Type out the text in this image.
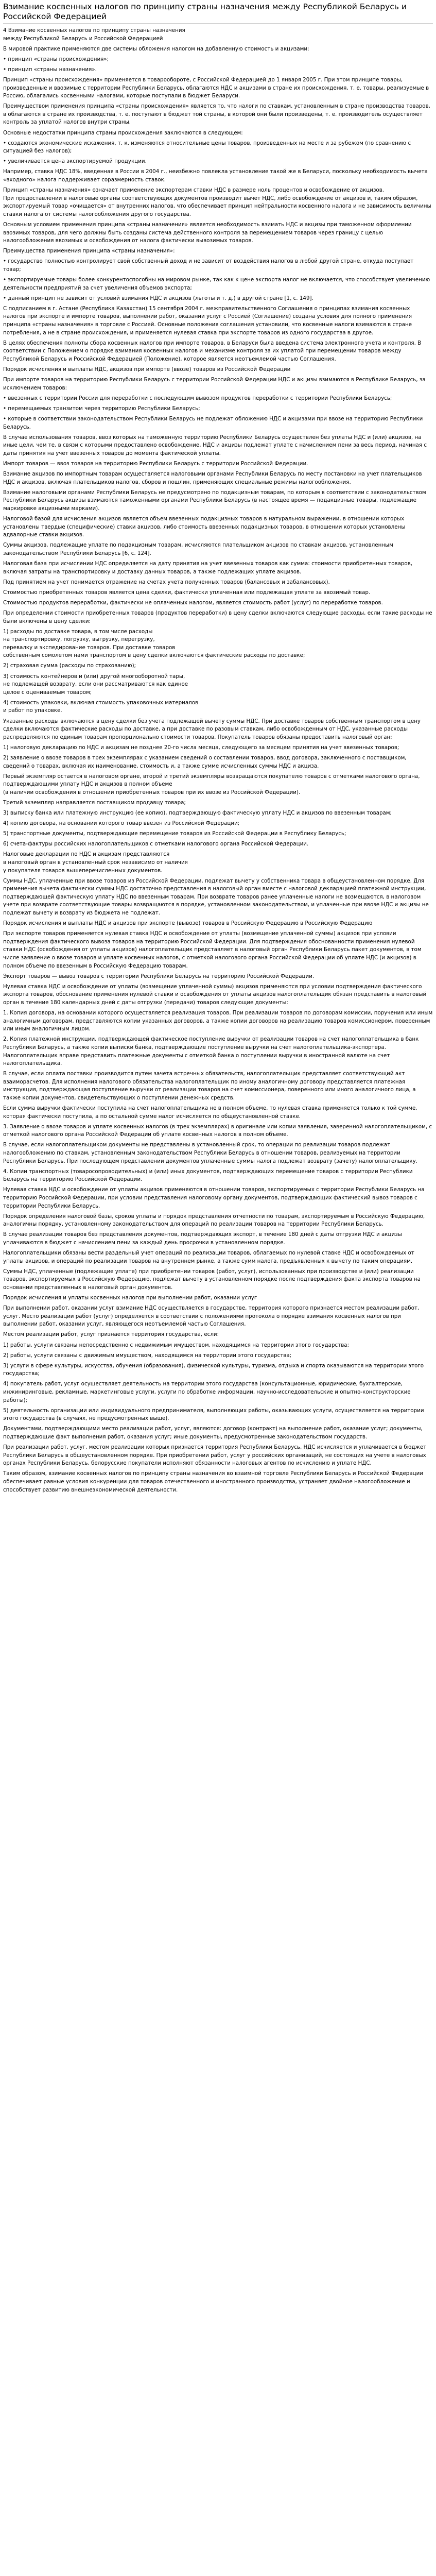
Взимание косвенных налогов по принципу страны назначения между Республикой Беларусь и Российской Федерацией

4 Взимание косвенных налогов по принципу страны назначения
между Республикой Беларусь и Российской Федерацией

В мировой практике применяются две системы обложения налогом на добавленную стоимость и акцизами:

• принцип «страны происхождения»;

• принцип «страны назначения».

Принцип «страны происхождения» применяется в товарообороте, с Российской Федерацией до 1 января 2005 г. При этом принципе товары, произведенные и ввозимые с территории Республики Беларусь, облагаются НДС и акцизами в стране их происхождения, т. е. товары, реализуемые в Россию, облагались косвенными налогами, которые поступали в бюджет Беларуси.

Преимуществом применения принципа «страны происхождения» является то, что налоги по ставкам, установленным в стране производства товаров, в облагаются в стране их производства, т. е. поступают в бюджет той страны, в которой они были произведены, т. е. производитель осуществляет контроль за уплатой налогов внутри страны.

Основные недостатки принципа страны происхождения заключаются в следующем:

• создаются экономические искажения, т. к. изменяются относительные цены товаров, произведенных на месте и за рубежом (по сравнению с ситуацией без налогов);

• увеличивается цена экспортируемой продукции.

Например, ставка НДС 18%, введенная в России в 2004 г., неизбежно повлекла установление такой же в Беларуси, поскольку необходимость вычета «входного» налога поддерживает соразмерность ставок.

Принцип «страны назначения» означает применение экспортерам ставки НДС в размере ноль процентов и освобождение от акцизов.
При предоставлении в налоговые органы соответствующих документов производит вычет НДС, либо освобождение от акцизов и, таким образом, экспортируемый товар «очищается» от внутренних налогов, что обеспечивает принцип нейтральности косвенного налога и не зависимость величины ставки налога от системы налогообложения другого государства.

Основным условием применения принципа «страны назначения» является необходимость взимать НДС и акцизы при таможенном оформлении ввозимых товаров, для чего должны быть созданы система действенного контроля за перемещением товаров через границу с целью налогообложения ввозимых и освобождения от налога фактически вывозимых товаров.

Преимущества применения принципа «страны назначения»:

• государство полностью контролирует свой собственный доход и не зависит от воздействия налогов в любой другой стране, откуда поступает товар;

• экспортируемые товары более конкурентоспособны на мировом рынке, так как к цене экспорта налог не включается, что способствует увеличению деятельности предприятий за счет увеличения объемов экспорта;

• данный принцип не зависит от условий взимания НДС и акцизов (льготы и т. д.) в другой стране [1, с. 149].

С подписанием в г. Астане (Республика Казахстан) 15 сентября 2004 г. межправительственного Соглашения о принципах взимания косвенных налогов при экспорте и импорте товаров, выполнении работ, оказании услуг с Россией (Соглашение) создана условия для полного применения принципа «страны назначения» в торговле с Россией. Основные положения соглашения установили, что косвенные налоги взимаются в стране потребления, а не в стране происхождения, и применяется нулевая ставка при экспорте товаров из одного государства в другое.

В целях обеспечения полноты сбора косвенных налогов при импорте товаров, в Беларуси была введена система электронного учета и контроля. В соответствии с Положением о порядке взимания косвенных налогов и механизме контроля за их уплатой при перемещении товаров между Республикой Беларусь и Российской Федерацией (Положение), которое является неотъемлемой частью Соглашения.

Порядок исчисления и выплаты НДС, акцизов при импорте (ввозе) товаров из Российской Федерации

При импорте товаров на территорию Республики Беларусь с территории Российской Федерации НДС и акцизы взимаются в Республике Беларусь, за исключением товаров:

• ввезенных с территории России для переработки с последующим вывозом продуктов переработки с территории Республики Беларусь;

• перемещаемых транзитом через территорию Республики Беларусь;

• которые в соответствии законодательством Республики Беларусь не подлежат обложению НДС и акцизами при ввозе на территорию Республики Беларусь.

В случае использования товаров, ввоз которых на таможенную территорию Республики Беларусь осуществлен без уплаты НДС и (или) акцизов, на иные цели, чем те, в связи с которыми предоставлено освобождение, НДС и акцизы подлежат уплате с начислением пени за весь период, начиная с даты принятия на учет ввезенных товаров до момента фактической уплаты.

Импорт товаров — ввоз товаров на территорию Республики Беларусь с территории Российской Федерации.

Взимание акцизов по импортным товарам осуществляется налоговыми органами Республики Беларусь по месту постановки на учет плательщиков НДС и акцизов, включая плательщиков налогов, сборов и пошлин, применяющих специальные режимы налогообложения.

Взимание налоговыми органами Республики Беларусь не предусмотрено по подакцизным товарам, по которым в соответствии с законодательством Республики Беларусь акцизы взимаются таможенными органами Республики Беларусь (в настоящее время — подакцизные товары, подлежащие маркировке акцизными марками).

Налоговой базой для исчисления акцизов является объем ввезенных подакцизных товаров в натуральном выражении, в отношении которых установлены твердые (специфические) ставки акцизов, либо стоимость ввезенных подакцизных товаров, в отношении которых установлены адвалорные ставки акцизов.

Суммы акцизов, подлежащие уплате по подакцизным товарам, исчисляются плательщиком акцизов по ставкам акцизов, установленным законодательством Республики Беларусь [6, с. 124].

Налоговая база при исчислении НДС определяется на дату принятия на учет ввезенных товаров как сумма: стоимости приобретенных товаров, включая затраты на транспортировку и доставку данных товаров, а также подлежащих уплате акцизов.

Под принятием на учет понимается отражение на счетах учета полученных товаров (балансовых и забалансовых).

Стоимостью приобретенных товаров является цена сделки, фактически уплаченная или подлежащая уплате за ввозимый товар.

Стоимостью продуктов переработки, фактически не оплаченных налогом, является стоимость работ (услуг) по переработке товаров.

При определении стоимости приобретенных товаров (продуктов переработки) в цену сделки включаются следующие расходы, если такие расходы не были включены в цену сделки:

1) расходы по доставке товара, в том числе расходы
на транспортировку, погрузку, выгрузку, перегрузку,
перевалку и экспедирование товаров. При доставке товаров
собственным сомолетом нами транспортом в цену сделки включаются фактические расходы по доставке;

2) страховая сумма (расходы по страхованию);

3) стоимость контейнеров и (или) другой многооборотной тары,
не подлежащей возврату, если они рассматриваются как единое
целое с оцениваемым товаром;

4) стоимость упаковки, включая стоимость упаковочных материалов
и работ по упаковке.

Указанные расходы включаются в цену сделки без учета подлежащей вычету суммы НДС. При доставке товаров собственным транспортом в цену сделки включаются фактические расходы по доставке, а при доставке по разовым ставкам, либо освобожденным от НДС, указанные расходы распределяются по единым товарам пропорционально стоимости товаров. Покупатель товаров обязаны предоставить налоговый орган:

1) налоговую декларацию по НДС и акцизам не позднее 20-го числа месяца, следующего за месяцем принятия на учет ввезенных товаров;

2) заявление о ввозе товаров в трех экземплярах с указанием сведений о составлении товаров, ввод договора, заключенного с поставщиком, сведений о товарах, включая их наименование, стоимость и, а также сумме исчисленных суммы НДС и акциза.

Первый экземпляр остается в налоговом органе, второй и третий экземпляры возвращаются покупателю товаров с отметками налогового органа, подтверждающими уплату НДС и акцизов в полном объеме
(в наличии освобождения в отношении приобретенных товаров при их ввозе из Российской Федерации).

Третий экземпляр направляется поставщиком продавцу товара;

3) выписку банка или платежную инструкцию (ее копию), подтверждающую фактическую уплату НДС и акцизов по ввезенным товарам;

4) копию договора, на основании которого товар ввезен из Российской Федерации;

5) транспортные документы, подтверждающие перемещение товаров из Российской Федерации в Республику Беларусь;

6) счета-фактуры российских налогоплательщиков с отметками налогового органа Российской Федерации.

Налоговые декларации по НДС и акцизам представляются
в налоговый орган в установленный срок независимо от наличия
у покупателя товаров вышеперечисленных документов.

Суммы НДС, уплаченные при ввозе товаров из Российской Федерации, подлежат вычету у собственника товара в общеустановленном порядке. Для применения вычета фактически суммы НДС достаточно представления в налоговый орган вместе с налоговой декларацией платежной инструкции, подтверждающей фактическую уплату НДС по ввезенным товарам. При возврате товаров ранее уплаченные налоги не возмещаются, в налоговом учете при возврате соответствующие товары возвращаются в порядке, установленном законодательством, и уплаченные при ввозе НДС и акцизы не подлежат вычету и возврату из бюджета не подлежат.

Порядок исчисления и выплаты НДС и акцизов при экспорте (вывозе) товаров в Российскую Федерацию в Российскую Федерацию

При экспорте товаров применяется нулевая ставка НДС и освобождение от уплаты (возмещение уплаченной суммы) акцизов при условии подтверждения фактического вывоза товаров на территорию Российской Федерации. Для подтверждения обоснованности применения нулевой ставки НДС (освобождения от уплаты акцизов) налогоплательщик представляет в налоговый орган Республики Беларусь пакет документов, в том числе заявление о ввозе товаров и уплате косвенных налогов, с отметкой налогового органа Российской Федерации об уплате НДС (и акцизов) в полном объеме по ввезенным в Российскую Федерацию товарам.

Экспорт товаров — вывоз товаров с территории Республики Беларусь на территорию Российской Федерации.

Нулевая ставка НДС и освобождение от уплаты (возмещение уплаченной суммы) акцизов применяются при условии подтверждения фактического экспорта товаров, обоснование применения нулевой ставки и освобождения от уплаты акцизов налогоплательщик обязан представить в налоговый орган в течение 180 календарных дней с даты отгрузки (передачи) товаров следующие документы:

1. Копия договора, на основании которого осуществляется реализация товаров. При реализации товаров по договорам комиссии, поручения или иным аналогичным договорам, представляются копии указанных договоров, а также копии договоров на реализацию товаров комиссионером, поверенным или иным аналогичным лицом.

2. Копия платежной инструкции, подтверждающей фактическое поступление выручки от реализации товаров на счет налогоплательщика в банк Республики Беларусь, а также копии выписки банка, подтверждающие поступление выручки на счет налогоплательщика-экспортера. Налогоплательщик вправе представить платежные документы с отметкой банка о поступлении выручки в иностранной валюте на счет налогоплательщика.

В случае, если оплата поставки производится путем зачета встречных обязательств, налогоплательщик представляет соответствующий акт взаиморасчетов. Для исполнения налогового обязательства налогоплательщик по иному аналогичному договору представляется платежная инструкция, подтверждающая поступление выручки от реализации товаров на счет комиссионера, поверенного или иного аналогичного лица, а также копии документов, свидетельствующих о поступлении денежных средств.

Если сумма выручки фактически поступила на счет налогоплательщика не в полном объеме, то нулевая ставка применяется только к той сумме, которая фактически поступила, а по остальной сумме налог исчисляется по общеустановленной ставке.

3. Заявление о ввозе товаров и уплате косвенных налогов (в трех экземплярах) в оригинале или копии заявления, заверенной налогоплательщиком, с отметкой налогового органа Российской Федерации об уплате косвенных налогов в полном объеме.

В случае, если налогоплательщиком документы не представлены в установленный срок, то операции по реализации товаров подлежат налогообложению по ставкам, установленным законодательством Республики Беларусь в отношении товаров, реализуемых на территории Республики Беларусь. При последующем представлении документов уплаченные суммы налога подлежат возврату (зачету) налогоплательщику.

4. Копии транспортных (товаросопроводительных) и (или) иных документов, подтверждающих перемещение товаров с территории Республики Беларусь на территорию Российской Федерации.

Нулевая ставка НДС и освобождение от уплаты акцизов применяются в отношении товаров, экспортируемых с территории Республики Беларусь на территорию Российской Федерации, при условии представления налоговому органу документов, подтверждающих фактический вывоз товаров с территории Республики Беларусь.

Порядок определения налоговой базы, сроков уплаты и порядок представления отчетности по товарам, экспортируемым в Российскую Федерацию, аналогичны порядку, установленному законодательством для операций по реализации товаров на территории Республики Беларусь.

В случае реализации товаров без представления документов, подтверждающих экспорт, в течение 180 дней с даты отгрузки НДС и акцизы уплачиваются в бюджет с начислением пени за каждый день просрочки в установленном порядке.

Налогоплательщики обязаны вести раздельный учет операций по реализации товаров, облагаемых по нулевой ставке НДС и освобождаемых от уплаты акцизов, и операций по реализации товаров на внутреннем рынке, а также сумм налога, предъявленных к вычету по таким операциям.

Суммы НДС, уплаченные (подлежащие уплате) при приобретении товаров (работ, услуг), использованных при производстве и (или) реализации товаров, экспортируемых в Российскую Федерацию, подлежат вычету в установленном порядке после подтверждения факта экспорта товаров на основании представленных в налоговый орган документов.

Порядок исчисления и уплаты косвенных налогов при выполнении работ, оказании услуг

При выполнении работ, оказании услуг взимание НДС осуществляется в государстве, территория которого признается местом реализации работ, услуг. Место реализации работ (услуг) определяется в соответствии с положениями протокола о порядке взимания косвенных налогов при выполнении работ, оказании услуг, являющегося неотъемлемой частью Соглашения.

Местом реализации работ, услуг признается территория государства, если:

1) работы, услуги связаны непосредственно с недвижимым имуществом, находящимся на территории этого государства;

2) работы, услуги связаны с движимым имуществом, находящимся на территории этого государства;

3) услуги в сфере культуры, искусства, обучения (образования), физической культуры, туризма, отдыха и спорта оказываются на территории этого государства;

4) покупатель работ, услуг осуществляет деятельность на территории этого государства (консультационные, юридические, бухгалтерские, инжиниринговые, рекламные, маркетинговые услуги, услуги по обработке информации, научно-исследовательские и опытно-конструкторские работы);

5) деятельность организации или индивидуального предпринимателя, выполняющих работы, оказывающих услуги, осуществляется на территории этого государства (в случаях, не предусмотренных выше).

Документами, подтверждающими место реализации работ, услуг, являются: договор (контракт) на выполнение работ, оказание услуг; документы, подтверждающие факт выполнения работ, оказания услуг; иные документы, предусмотренные законодательством государств.

При реализации работ, услуг, местом реализации которых признается территория Республики Беларусь, НДС исчисляется и уплачивается в бюджет Республики Беларусь в общеустановленном порядке. При приобретении работ, услуг у российских организаций, не состоящих на учете в налоговых органах Республики Беларусь, белорусские покупатели исполняют обязанности налоговых агентов по исчислению и уплате НДС.

Таким образом, взимание косвенных налогов по принципу страны назначения во взаимной торговле Республики Беларусь и Российской Федерации обеспечивает равные условия конкуренции для товаров отечественного и иностранного производства, устраняет двойное налогообложение и способствует развитию внешнеэкономической деятельности.
